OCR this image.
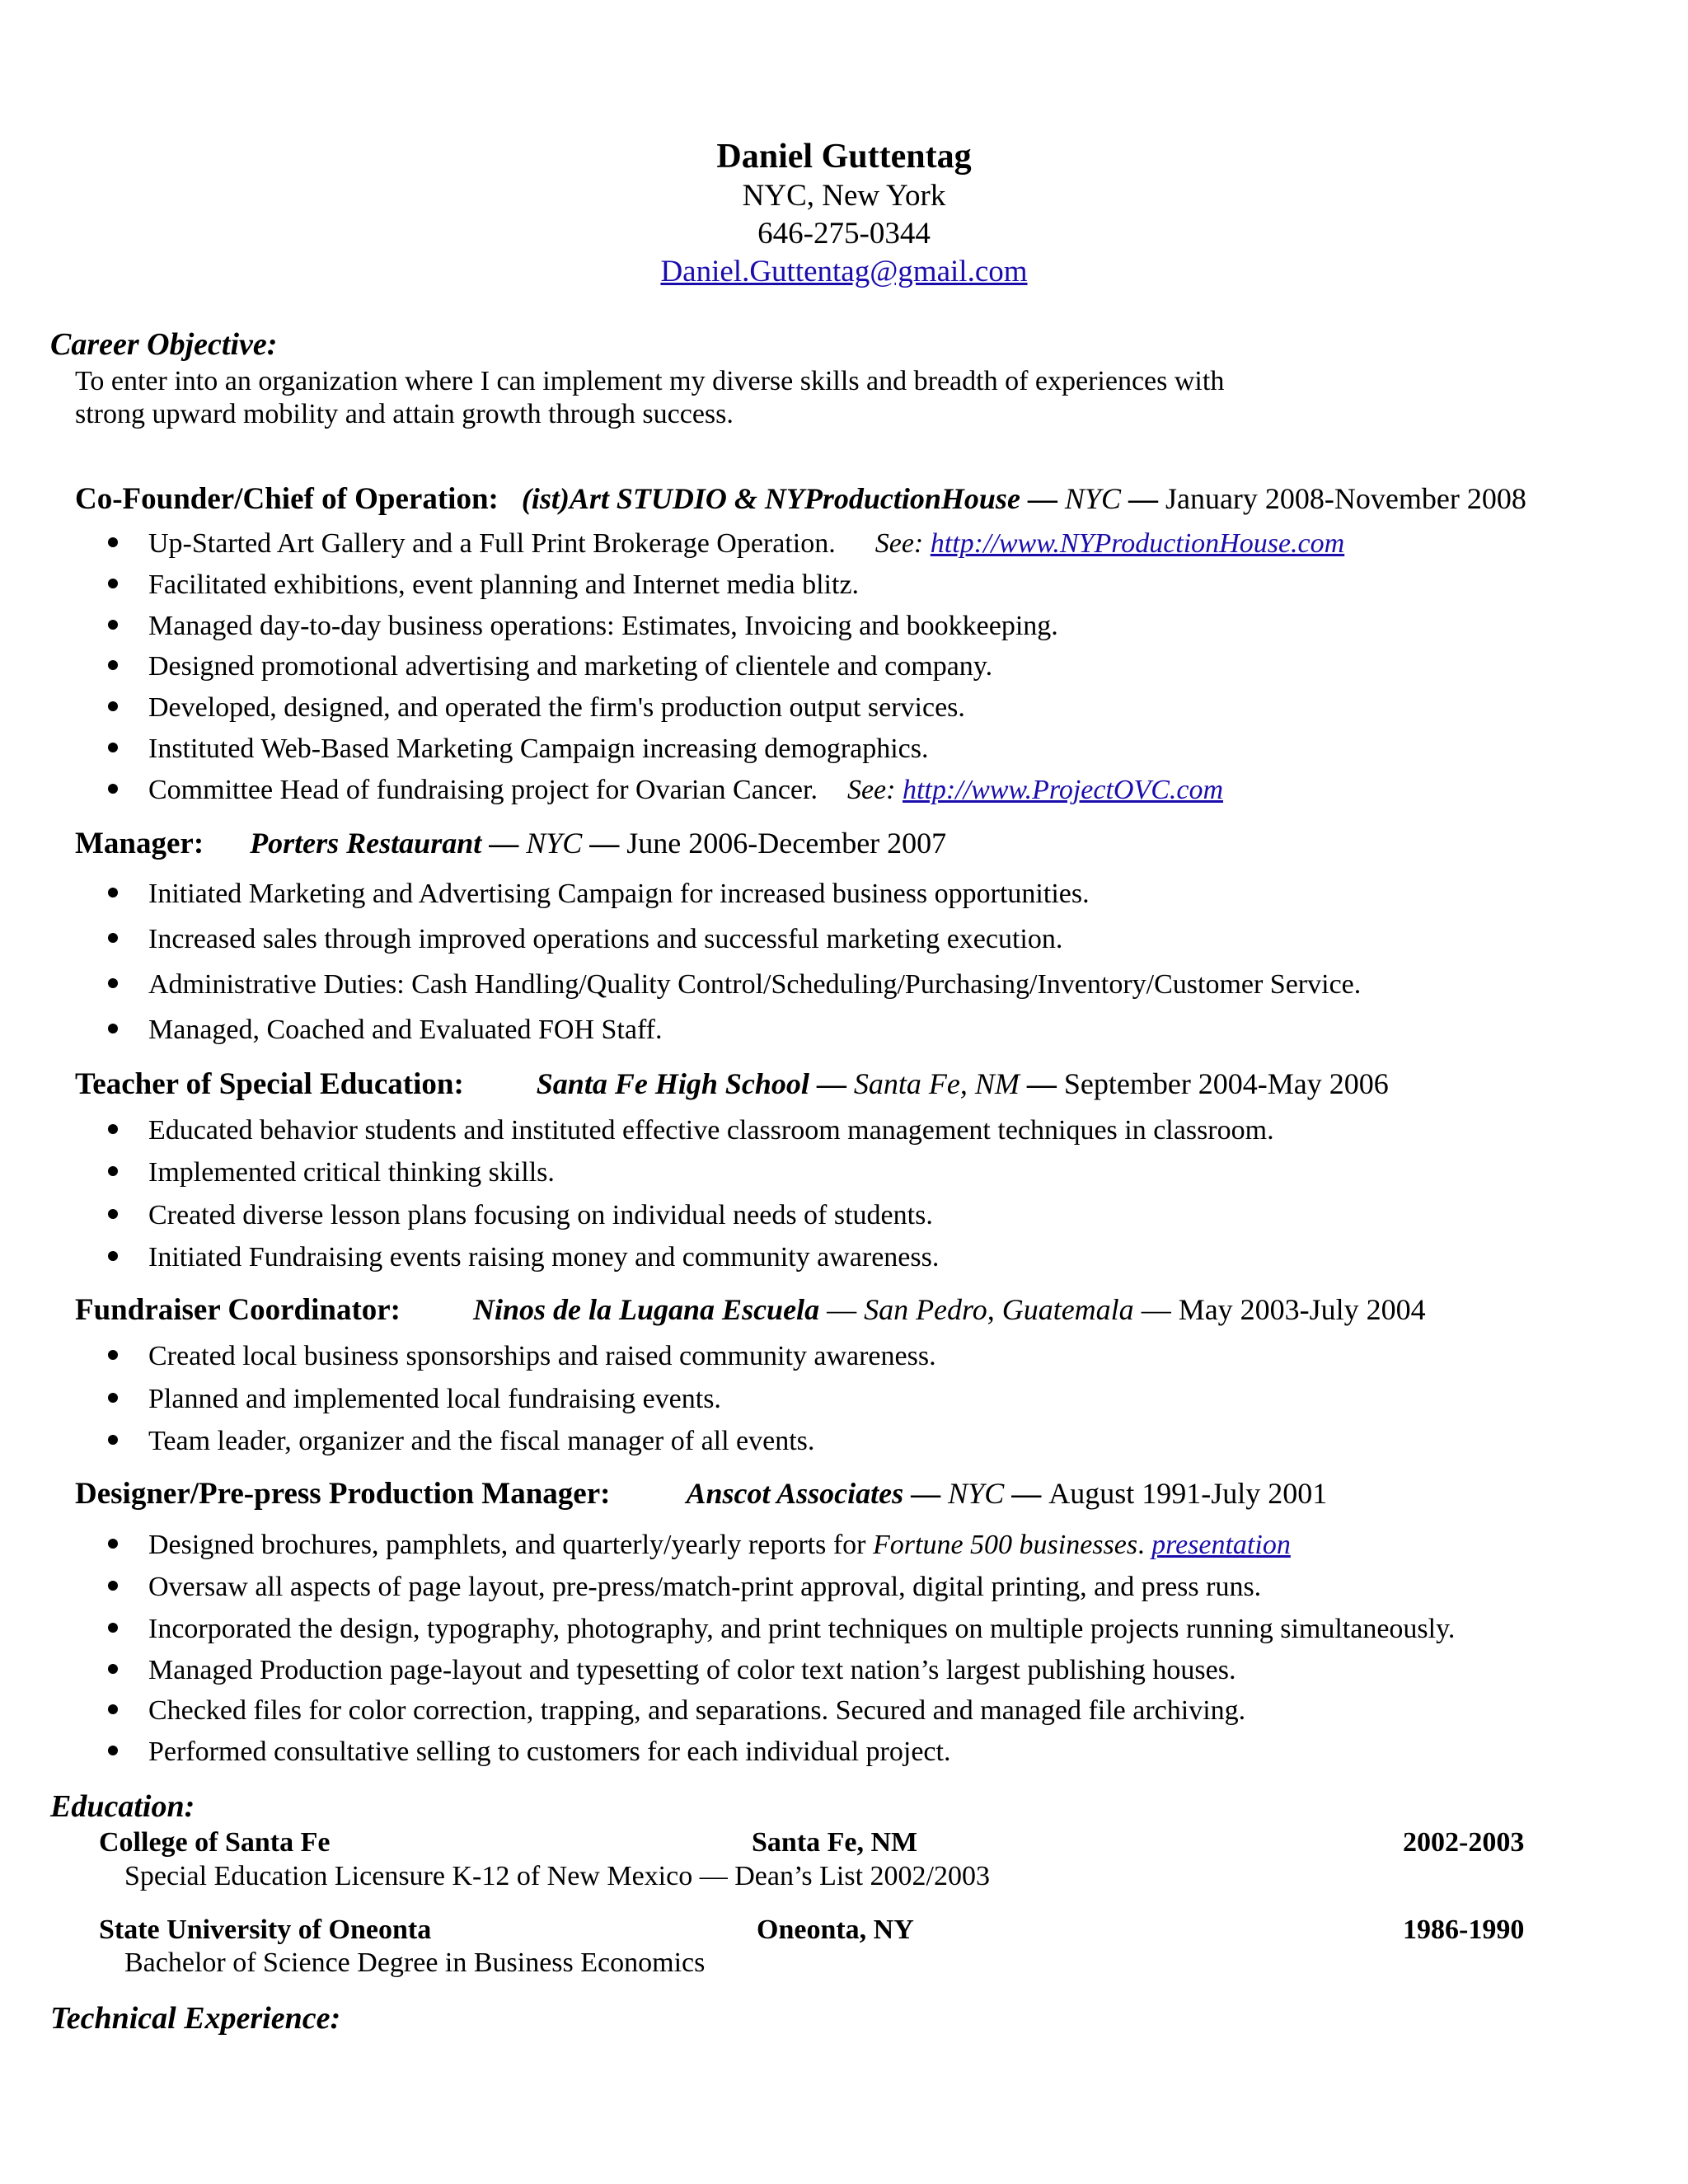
Daniel Guttentag
NYC, New York
646-275-0344
Daniel.Guttentag@gmail.com
Career Objective:
To enter into an organization where I can implement my diverse skills and breadth of experiences with
strong upward mobility and attain growth through success.
Co-Founder/Chief of Operation: (ist)Art STUDIO & NYProductionHouse — NYC — January 2008-November 2008
Up-Started Art Gallery and a Full Print Brokerage Operation. See: http://www.NYProductionHouse.com
Facilitated exhibitions, event planning and Internet media blitz.
Managed day-to-day business operations: Estimates, Invoicing and bookkeeping.
Designed promotional advertising and marketing of clientele and company.
Developed, designed, and operated the firm's production output services.
Instituted Web-Based Marketing Campaign increasing demographics.
Committee Head of fundraising project for Ovarian Cancer. See: http://www.ProjectOVC.com
Manager: Porters Restaurant — NYC — June 2006-December 2007
Initiated Marketing and Advertising Campaign for increased business opportunities.
Increased sales through improved operations and successful marketing execution.
Administrative Duties: Cash Handling/Quality Control/Scheduling/Purchasing/Inventory/Customer Service.
Managed, Coached and Evaluated FOH Staff.
Teacher of Special Education: Santa Fe High School — Santa Fe, NM — September 2004-May 2006
Educated behavior students and instituted effective classroom management techniques in classroom.
Implemented critical thinking skills.
Created diverse lesson plans focusing on individual needs of students.
Initiated Fundraising events raising money and community awareness.
Fundraiser Coordinator: Ninos de la Lugana Escuela — San Pedro, Guatemala — May 2003-July 2004
Created local business sponsorships and raised community awareness.
Planned and implemented local fundraising events.
Team leader, organizer and the fiscal manager of all events.
Designer/Pre-press Production Manager:	Anscot Associates — NYC — August 1991-July 2001
Designed brochures, pamphlets, and quarterly/yearly reports for Fortune 500 businesses. presentation
Oversaw all aspects of page layout, pre-press/match-print approval, digital printing, and press runs.
Incorporated the design, typography, photography, and print techniques on multiple projects running simultaneously.
Managed Production page-layout and typesetting of color text nation’s largest publishing houses.
Checked files for color correction, trapping, and separations. Secured and managed file archiving.
Performed consultative selling to customers for each individual project.
Education:
College of Santa Fe	Santa Fe, NM	2002-2003
Special Education Licensure K-12 of New Mexico — Dean’s List 2002/2003
State University of Oneonta	Oneonta, NY	1986-1990
Bachelor of Science Degree in Business Economics
Technical Experience:
